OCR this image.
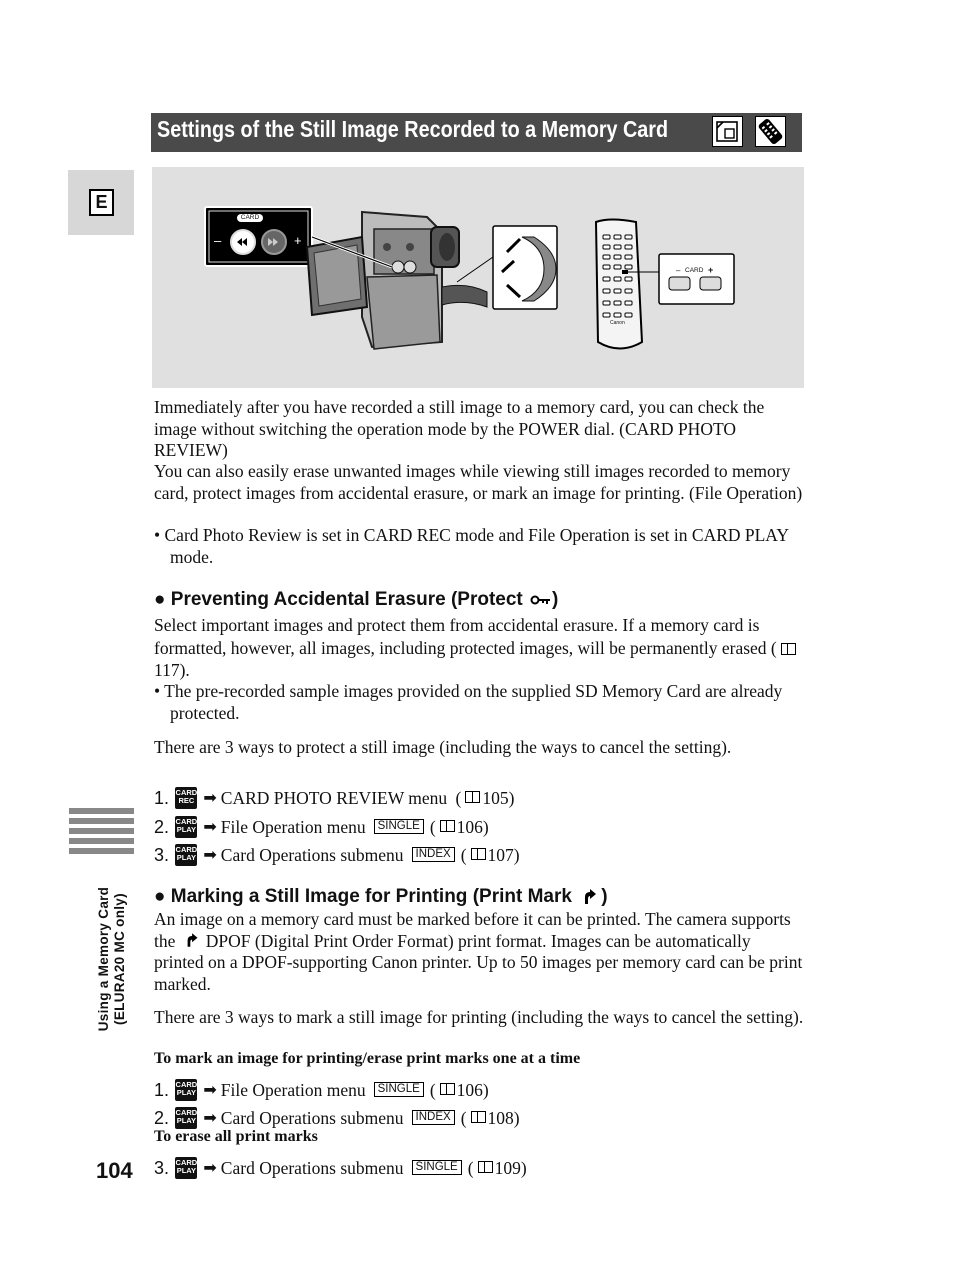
Settings of the Still Image Recorded to a Memory Card
E
Using a Memory Card (ELURA20 MC only)
104
CARD
–	+
CARD
–	+
Canon
Immediately after you have recorded a still image to a memory card, you can check the image without switching the operation mode by the POWER dial. (CARD PHOTO REVIEW)
You can also easily erase unwanted images while viewing still images recorded to memory card, protect images from accidental erasure, or mark an image for printing. (File Operation)
• Card Photo Review is set in CARD REC mode and File Operation is set in CARD PLAY mode.
● Preventing Accidental Erasure (Protect )
Select important images and protect them from accidental erasure. If a memory card is formatted, however, all images, including protected images, will be permanently erased (117).
• The pre-recorded sample images provided on the supplied SD Memory Card are already protected.
There are 3 ways to protect a still image (including the ways to cancel the setting).
1. CARD
REC ➡ CARD PHOTO REVIEW menu ( 105)
2. CARD
PLAY ➡ File Operation menu SINGLE ( 106)
3. CARD
PLAY ➡ Card Operations submenu INDEX ( 107)
● Marking a Still Image for Printing (Print Mark )
An image on a memory card must be marked before it can be printed. The camera supports the DPOF (Digital Print Order Format) print format. Images can be automatically printed on a DPOF-supporting Canon printer. Up to 50 images per memory card can be print marked.
There are 3 ways to mark a still image for printing (including the ways to cancel the setting).
To mark an image for printing/erase print marks one at a time
1. CARD
PLAY ➡ File Operation menu SINGLE ( 106)
2. CARD
PLAY ➡ Card Operations submenu INDEX ( 108)
To erase all print marks
3. CARD
PLAY ➡ Card Operations submenu SINGLE ( 109)
